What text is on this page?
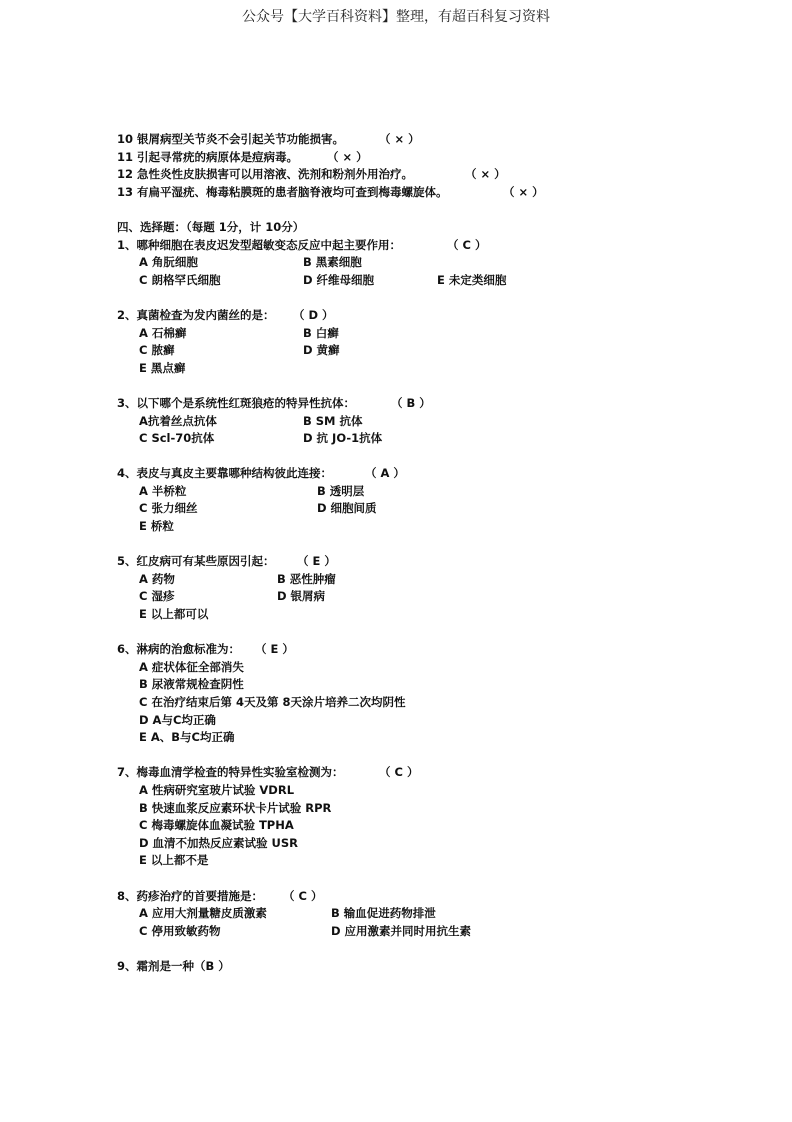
公众号【大学百科资料】整理，有超百科复习资料
10 银屑病型关节炎不会引起关节功能损害。	（ × ）
11 引起寻常疣的病原体是痘病毒。	（ × ）
12 急性炎性皮肤损害可以用溶液、洗剂和粉剂外用治疗。	（ × ）
13 有扁平湿疣、梅毒粘膜斑的患者脑脊液均可查到梅毒螺旋体。	（ × ）
四、选择题：（每题 1分，计 10分）
1、哪种细胞在表皮迟发型超敏变态反应中起主要作用：	（ C ）
A 角朊细胞	B 黑素细胞
C 朗格罕氏细胞	D 纤维母细胞	E 未定类细胞
2、真菌检查为发内菌丝的是： （ D ）
A 石棉癣	B 白癣
C 脓癣	D 黄癣
E 黑点癣
3、以下哪个是系统性红斑狼疮的特异性抗体：	（ B ）
A抗着丝点抗体	B SM 抗体
C Scl-70抗体	D 抗 JO-1抗体
4、表皮与真皮主要靠哪种结构彼此连接：	（ A ）
A 半桥粒	B 透明层
C 张力细丝	D 细胞间质
E 桥粒
5、红皮病可有某些原因引起： （ E ）
A 药物	B 恶性肿瘤
C 湿疹	D 银屑病
E 以上都可以
6、淋病的治愈标准为： （ E ）
A 症状体征全部消失
B 尿液常规检查阴性
C 在治疗结束后第 4天及第 8天涂片培养二次均阴性
D A与C均正确
E A、B与C均正确
7、梅毒血清学检查的特异性实验室检测为：	（ C ）
A 性病研究室玻片试验 VDRL
B 快速血浆反应素环状卡片试验 RPR
C 梅毒螺旋体血凝试验 TPHA
D 血清不加热反应素试验 USR
E 以上都不是
8、药疹治疗的首要措施是： （ C ）
A 应用大剂量糖皮质激素	B 输血促进药物排泄
C 停用致敏药物	D 应用激素并同时用抗生素
9、霜剂是一种（B ）
